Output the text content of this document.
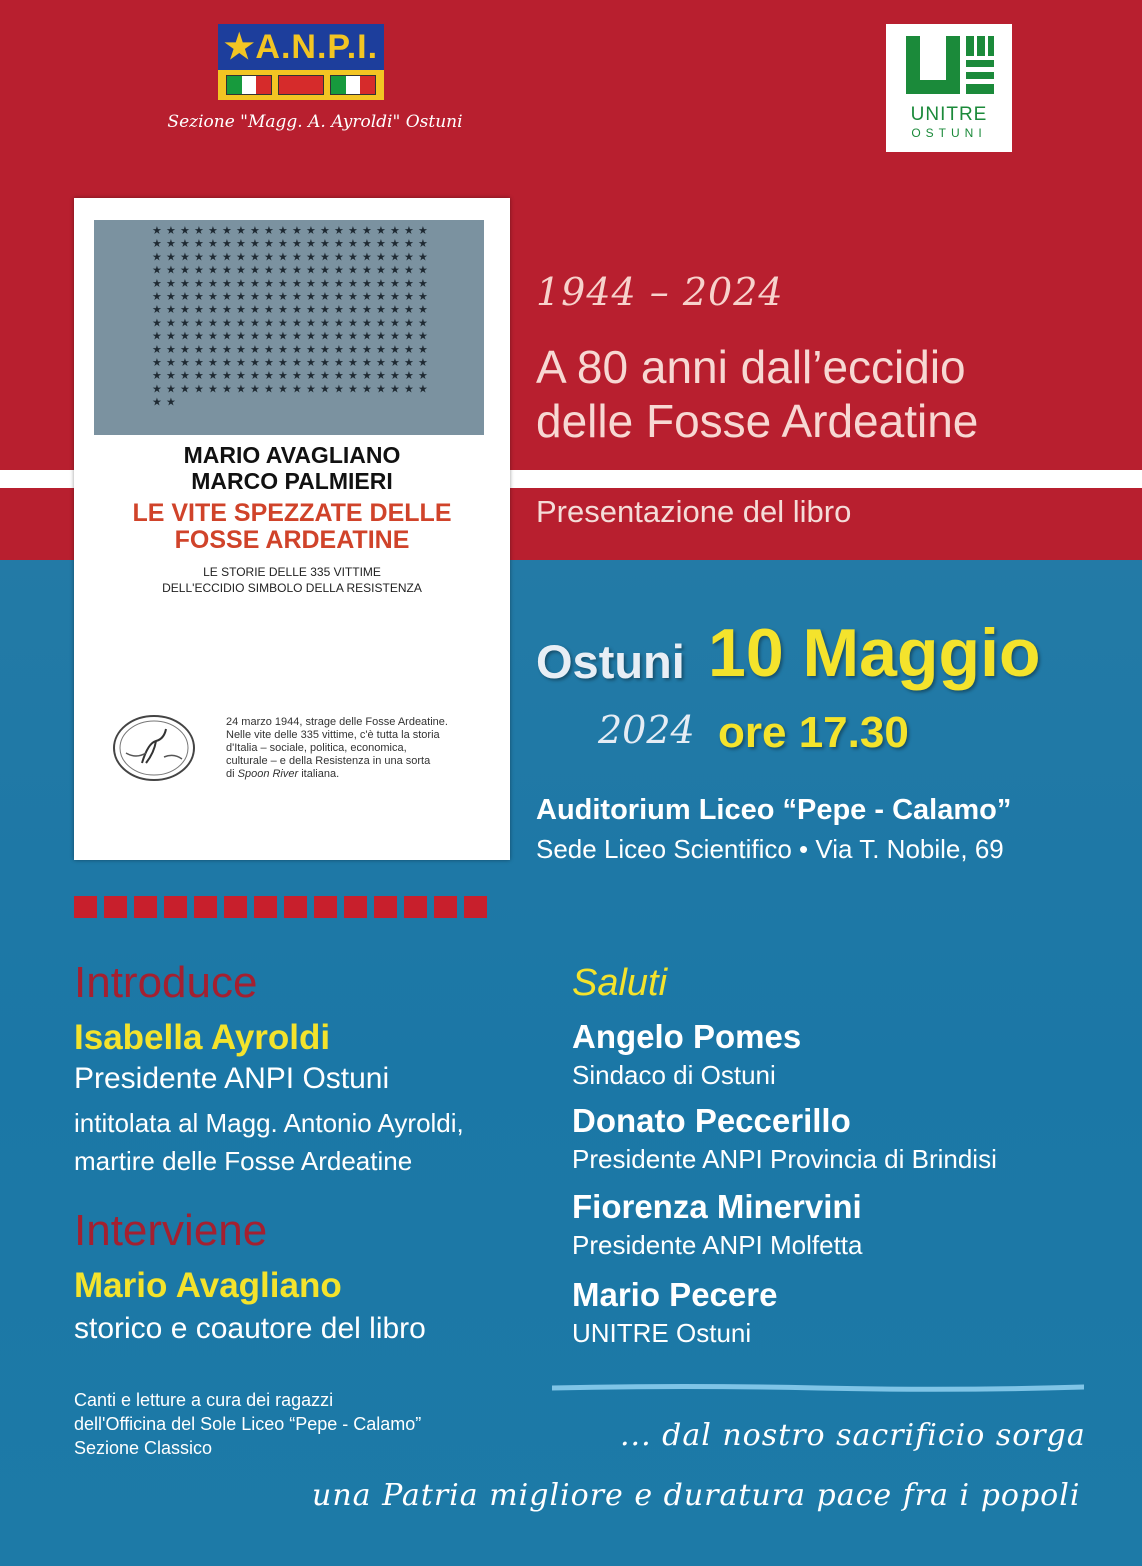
★A.N.P.I.
Sezione "Magg. A. Ayroldi" Ostuni	UNITRE
OSTUNI
★ ★ ★ ★ ★ ★ ★ ★ ★ ★ ★ ★ ★ ★ ★ ★ ★ ★ ★ ★
★ ★ ★ ★ ★ ★ ★ ★ ★ ★ ★ ★ ★ ★ ★ ★ ★ ★ ★ ★
★ ★ ★ ★ ★ ★ ★ ★ ★ ★ ★ ★ ★ ★ ★ ★ ★ ★ ★ ★
★ ★ ★ ★ ★ ★ ★ ★ ★ ★ ★ ★ ★ ★ ★ ★ ★ ★ ★ ★
★ ★ ★ ★ ★ ★ ★ ★ ★ ★ ★ ★ ★ ★ ★ ★ ★ ★ ★ ★
★ ★ ★ ★ ★ ★ ★ ★ ★ ★ ★ ★ ★ ★ ★ ★ ★ ★ ★ ★
★ ★ ★ ★ ★ ★ ★ ★ ★ ★ ★ ★ ★ ★ ★ ★ ★ ★ ★ ★
★ ★ ★ ★ ★ ★ ★ ★ ★ ★ ★ ★ ★ ★ ★ ★ ★ ★ ★ ★
★ ★ ★ ★ ★ ★ ★ ★ ★ ★ ★ ★ ★ ★ ★ ★ ★ ★ ★ ★
★ ★ ★ ★ ★ ★ ★ ★ ★ ★ ★ ★ ★ ★ ★ ★ ★ ★ ★ ★
★ ★ ★ ★ ★ ★ ★ ★ ★ ★ ★ ★ ★ ★ ★ ★ ★ ★ ★ ★
★ ★ ★ ★ ★ ★ ★ ★ ★ ★ ★ ★ ★ ★ ★ ★ ★ ★ ★ ★
★ ★ ★ ★ ★ ★ ★ ★ ★ ★ ★ ★ ★ ★ ★ ★ ★ ★ ★ ★
★ ★
MARIO AVAGLIANO
MARCO PALMIERI
LE VITE SPEZZATE DELLE
FOSSE ARDEATINE
LE STORIE DELLE 335 VITTIME
DELL'ECCIDIO SIMBOLO DELLA RESISTENZA
24 marzo 1944, strage delle Fosse Ardeatine.
Nelle vite delle 335 vittime, c'è tutta la storia
d'Italia – sociale, politica, economica,
culturale – e della Resistenza in una sorta
di Spoon River italiana.
1944 – 2024
A 80 anni dall’eccidio
delle Fosse Ardeatine
Presentazione del libro
Ostuni 10 Maggio
2024 ore 17.30
Auditorium Liceo “Pepe - Calamo”
Sede Liceo Scientifico • Via T. Nobile, 69
Introduce
Isabella Ayroldi
Presidente ANPI Ostuni
intitolata al Magg. Antonio Ayroldi,
martire delle Fosse Ardeatine
Interviene
Mario Avagliano
storico e coautore del libro
Saluti
Angelo Pomes
Sindaco di Ostuni
Donato Peccerillo
Presidente ANPI Provincia di Brindisi
Fiorenza Minervini
Presidente ANPI Molfetta
Mario Pecere
UNITRE Ostuni
Canti e letture a cura dei ragazzi
dell'Officina del Sole Liceo “Pepe - Calamo”
Sezione Classico	... dal nostro sacrificio sorga
una Patria migliore e duratura pace fra i popoli
